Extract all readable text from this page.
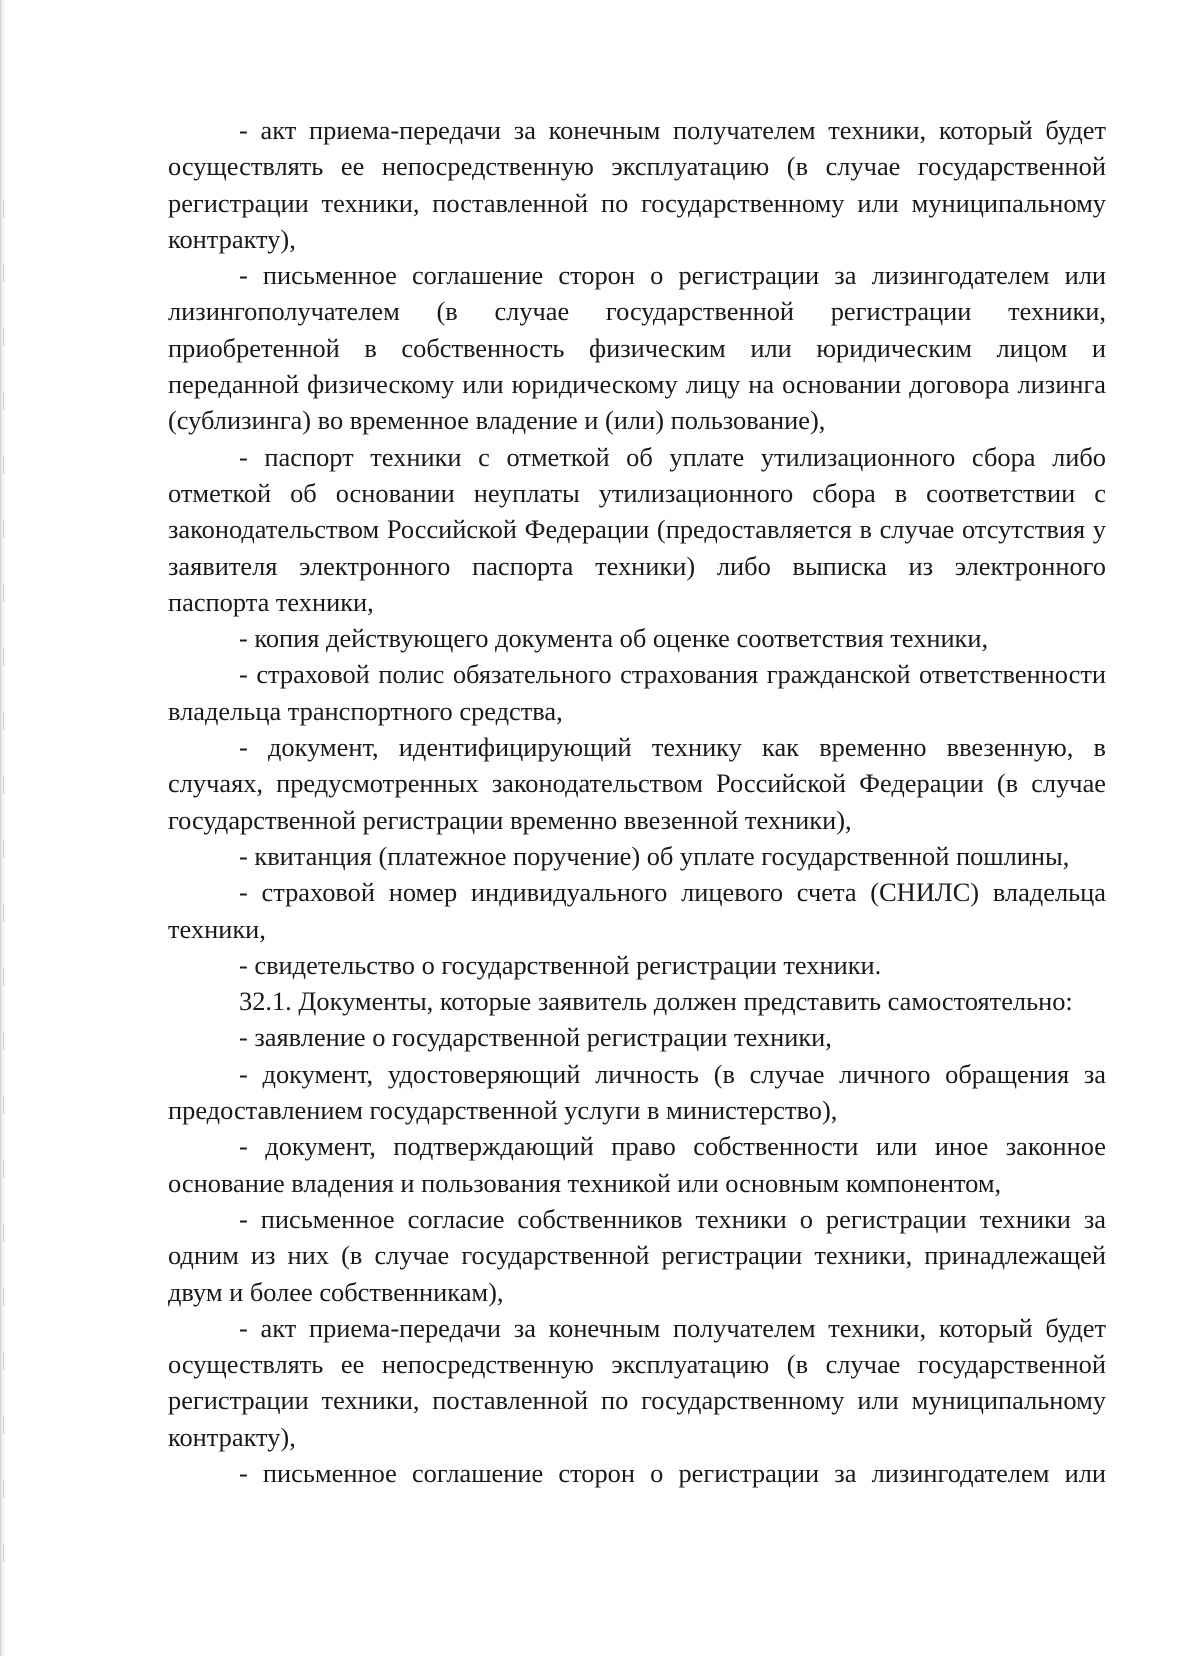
- акт приема-передачи за конечным получателем техники, который будет осуществлять ее непосредственную эксплуатацию (в случае государственной регистрации техники, поставленной по государственному или муниципальному контракту),

- письменное соглашение сторон о регистрации за лизингодателем или лизингополучателем (в случае государственной регистрации техники, приобретенной в собственность физическим или юридическим лицом и переданной физическому или юридическому лицу на основании договора лизинга (сублизинга) во временное владение и (или) пользование),

- паспорт техники с отметкой об уплате утилизационного сбора либо отметкой об основании неуплаты утилизационного сбора в соответствии с законодательством Российской Федерации (предоставляется в случае отсутствия у заявителя электронного паспорта техники) либо выписка из электронного паспорта техники,

- копия действующего документа об оценке соответствия техники,

- страховой полис обязательного страхования гражданской ответственности владельца транспортного средства,

- документ, идентифицирующий технику как временно ввезенную, в случаях, предусмотренных законодательством Российской Федерации (в случае государственной регистрации временно ввезенной техники),

- квитанция (платежное поручение) об уплате государственной пошлины,

- страховой номер индивидуального лицевого счета (СНИЛС) владельца техники,

- свидетельство о государственной регистрации техники.

32.1. Документы, которые заявитель должен представить самостоятельно:

- заявление о государственной регистрации техники,

- документ, удостоверяющий личность (в случае личного обращения за предоставлением государственной услуги в министерство),

- документ, подтверждающий право собственности или иное законное основание владения и пользования техникой или основным компонентом,

- письменное согласие собственников техники о регистрации техники за одним из них (в случае государственной регистрации техники, принадлежащей двум и более собственникам),

- акт приема-передачи за конечным получателем техники, который будет осуществлять ее непосредственную эксплуатацию (в случае государственной регистрации техники, поставленной по государственному или муниципальному контракту),

- письменное соглашение сторон о регистрации за лизингодателем или
